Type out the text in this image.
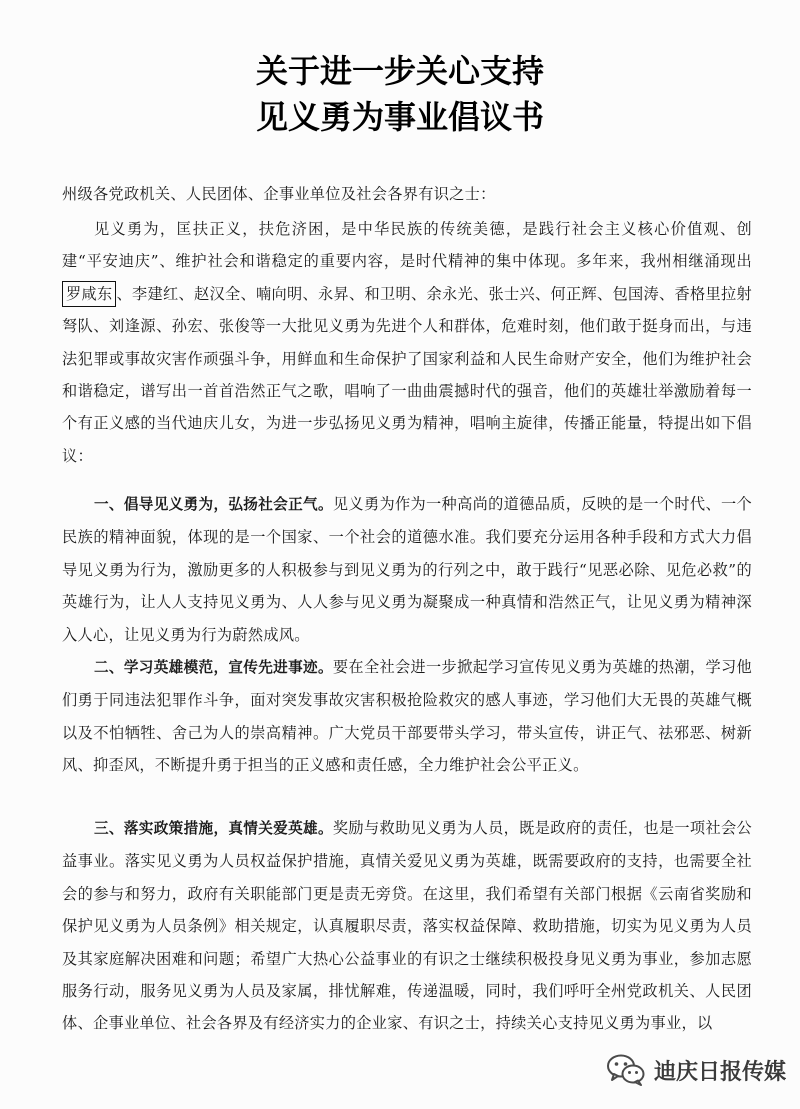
关于进一步关心支持
见义勇为事业倡议书
州级各党政机关、人民团体、企事业单位及社会各界有识之士：
见义勇为，匡扶正义，扶危济困，是中华民族的传统美德，是践行社会主义核心价值观、创建“平安迪庆”、维护社会和谐稳定的重要内容，是时代精神的集中体现。多年来，我州相继涌现出罗咸东 、李建红、赵汉全、喃向明、永昇、和卫明、余永光、张士兴、何正辉、包国涛、香格里拉射弩队、刘逢源、孙宏、张俊等一大批见义勇为先进个人和群体，危难时刻，他们敢于挺身而出，与违法犯罪或事故灾害作顽强斗争，用鲜血和生命保护了国家利益和人民生命财产安全，他们为维护社会和谐稳定，谱写出一首首浩然正气之歌，唱响了一曲曲震撼时代的强音，他们的英雄壮举激励着每一个有正义感的当代迪庆儿女，为进一步弘扬见义勇为精神，唱响主旋律，传播正能量，特提出如下倡议：
一、倡导见义勇为，弘扬社会正气。见义勇为作为一种高尚的道德品质，反映的是一个时代、一个民族的精神面貌，体现的是一个国家、一个社会的道德水准。我们要充分运用各种手段和方式大力倡导见义勇为行为，激励更多的人积极参与到见义勇为的行列之中，敢于践行“见恶必除、见危必救”的英雄行为，让人人支持见义勇为、人人参与见义勇为凝聚成一种真情和浩然正气，让见义勇为精神深入人心，让见义勇为行为蔚然成风。
二、学习英雄模范，宣传先进事迹。要在全社会进一步掀起学习宣传见义勇为英雄的热潮，学习他们勇于同违法犯罪作斗争，面对突发事故灾害积极抢险救灾的感人事迹，学习他们大无畏的英雄气概以及不怕牺牲、舍己为人的崇高精神。广大党员干部要带头学习，带头宣传，讲正气、祛邪恶、树新风、抑歪风，不断提升勇于担当的正义感和责任感，全力维护社会公平正义。
三、落实政策措施，真情关爱英雄。奖励与救助见义勇为人员，既是政府的责任，也是一项社会公益事业。落实见义勇为人员权益保护措施，真情关爱见义勇为英雄，既需要政府的支持，也需要全社会的参与和努力，政府有关职能部门更是责无旁贷。在这里，我们希望有关部门根据《云南省奖励和保护见义勇为人员条例》相关规定，认真履职尽责，落实权益保障、救助措施，切实为见义勇为人员及其家庭解决困难和问题；希望广大热心公益事业的有识之士继续积极投身见义勇为事业，参加志愿服务行动，服务见义勇为人员及家属，排忧解难，传递温暖，同时，我们呼吁全州党政机关、人民团体、企事业单位、社会各界及有经济实力的企业家、有识之士，持续关心支持见义勇为事业，以
迪庆日报传媒
